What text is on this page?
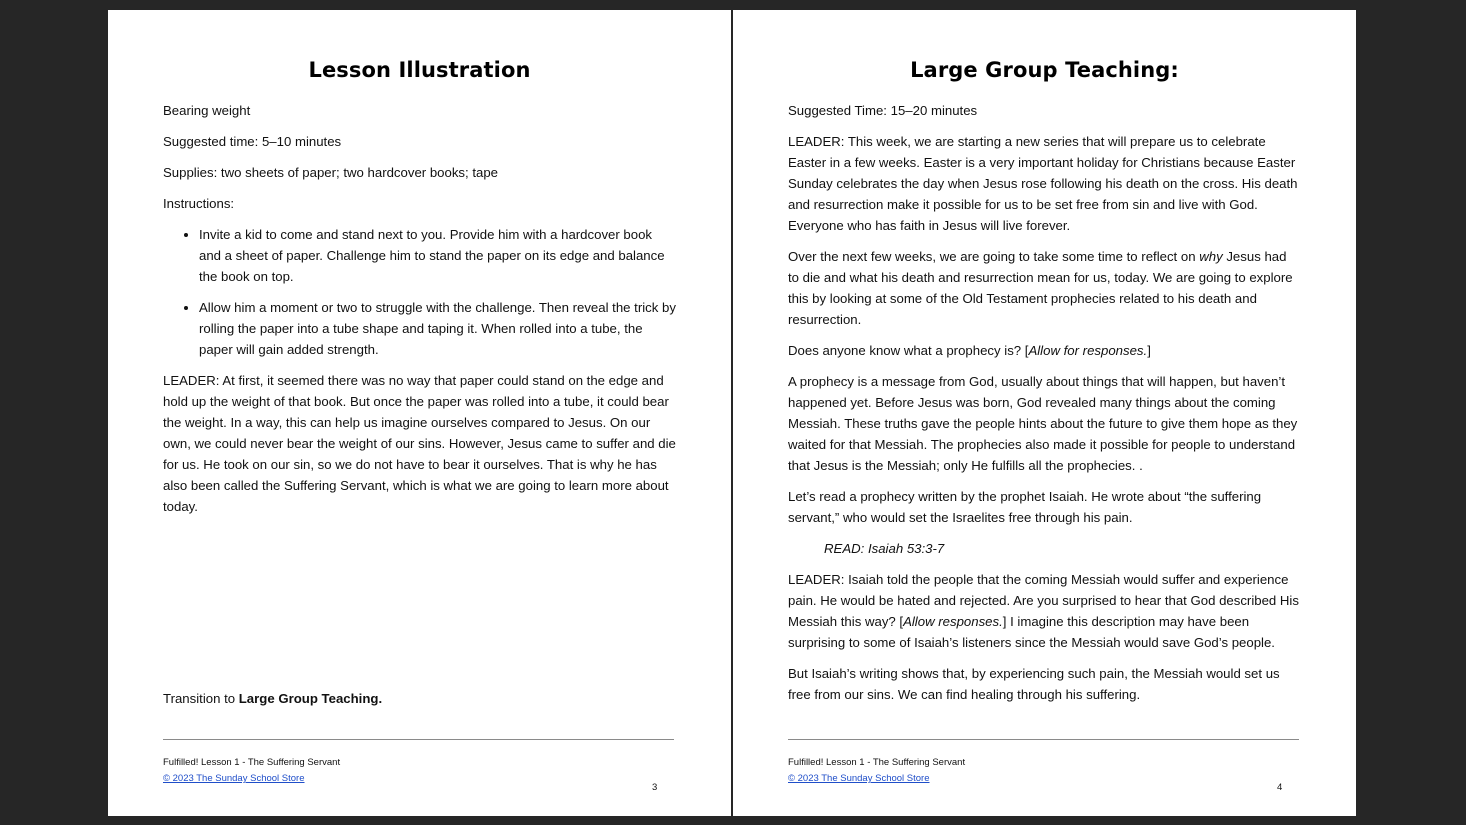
Lesson Illustration

Bearing weight

Suggested time: 5–10 minutes

Supplies: two sheets of paper; two hardcover books; tape

Instructions:

• Invite a kid to come and stand next to you. Provide him with a hardcover book and a sheet of paper. Challenge him to stand the paper on its edge and balance the book on top.
• Allow him a moment or two to struggle with the challenge. Then reveal the trick by rolling the paper into a tube shape and taping it. When rolled into a tube, the paper will gain added strength.

LEADER: At first, it seemed there was no way that paper could stand on the edge and hold up the weight of that book. But once the paper was rolled into a tube, it could bear the weight. In a way, this can help us imagine ourselves compared to Jesus. On our own, we could never bear the weight of our sins. However, Jesus came to suffer and die for us. He took on our sin, so we do not have to bear it ourselves. That is why he has also been called the Suffering Servant, which is what we are going to learn more about today.

Transition to Large Group Teaching.
Fulfilled! Lesson 1 - The Suffering Servant
© 2023 The Sunday School Store
3
Large Group Teaching:

Suggested Time: 15–20 minutes

LEADER: This week, we are starting a new series that will prepare us to celebrate Easter in a few weeks. Easter is a very important holiday for Christians because Easter Sunday celebrates the day when Jesus rose following his death on the cross. His death and resurrection make it possible for us to be set free from sin and live with God. Everyone who has faith in Jesus will live forever.

Over the next few weeks, we are going to take some time to reflect on why Jesus had to die and what his death and resurrection mean for us, today. We are going to explore this by looking at some of the Old Testament prophecies related to his death and resurrection.

Does anyone know what a prophecy is? [Allow for responses.]

A prophecy is a message from God, usually about things that will happen, but haven’t happened yet. Before Jesus was born, God revealed many things about the coming Messiah. These truths gave the people hints about the future to give them hope as they waited for that Messiah. The prophecies also made it possible for people to understand that Jesus is the Messiah; only He fulfills all the prophecies. .

Let’s read a prophecy written by the prophet Isaiah. He wrote about “the suffering servant,” who would set the Israelites free through his pain.

READ: Isaiah 53:3-7

LEADER: Isaiah told the people that the coming Messiah would suffer and experience pain. He would be hated and rejected. Are you surprised to hear that God described His Messiah this way? [Allow responses.] I imagine this description may have been surprising to some of Isaiah’s listeners since the Messiah would save God’s people.

But Isaiah’s writing shows that, by experiencing such pain, the Messiah would set us free from our sins. We can find healing through his suffering.

Fulfilled! Lesson 1 - The Suffering Servant
© 2023 The Sunday School Store
4
